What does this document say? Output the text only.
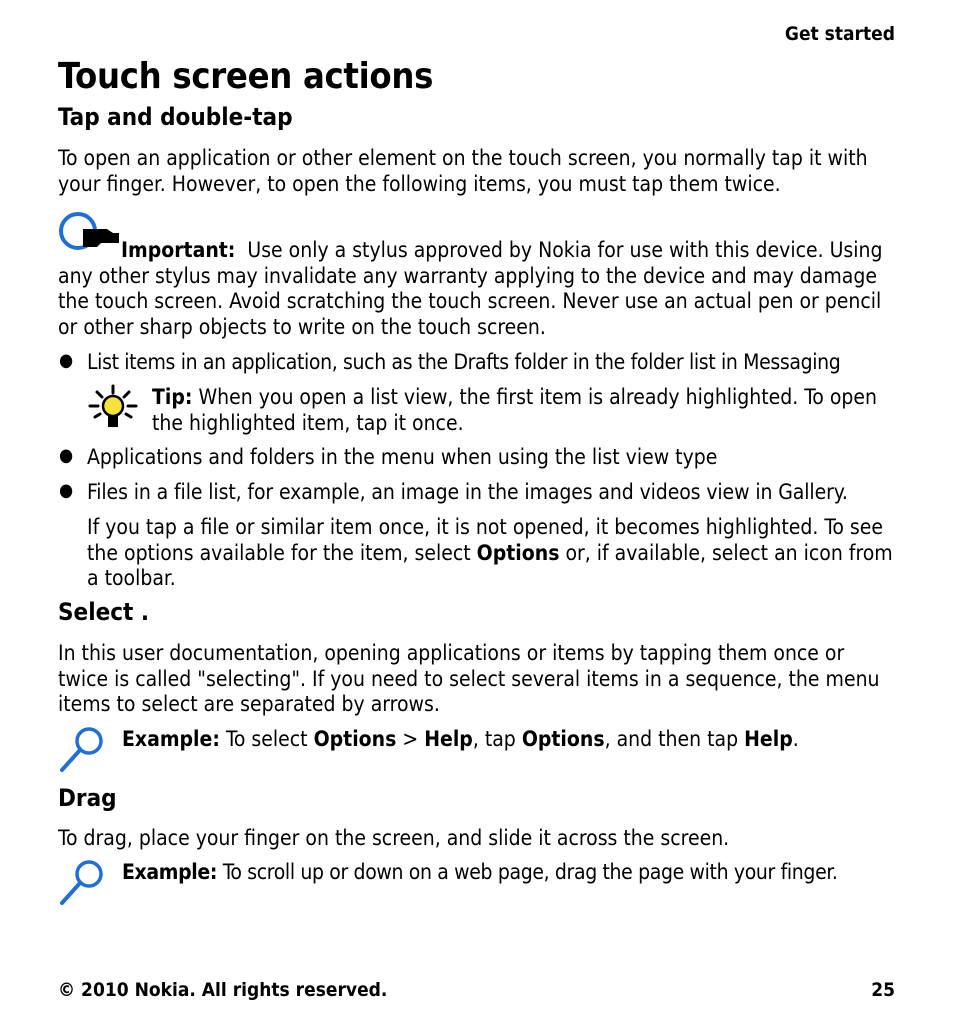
Get started
Touch screen actions
Tap and double-tap

To open an application or other element on the touch screen, you normally tap it with your finger. However, to open the following items, you must tap them twice.

Important: Use only a stylus approved by Nokia for use with this device. Using any other stylus may invalidate any warranty applying to the device and may damage the touch screen. Avoid scratching the touch screen. Never use an actual pen or pencil or other sharp objects to write on the touch screen.

● List items in an application, such as the Drafts folder in the folder list in Messaging

Tip: When you open a list view, the first item is already highlighted. To open the highlighted item, tap it once.

● Applications and folders in the menu when using the list view type

● Files in a file list, for example, an image in the images and videos view in Gallery.

If you tap a file or similar item once, it is not opened, it becomes highlighted. To see the options available for the item, select Options or, if available, select an icon from a toolbar.

Select .

In this user documentation, opening applications or items by tapping them once or twice is called "selecting". If you need to select several items in a sequence, the menu items to select are separated by arrows.

Example: To select Options > Help, tap Options, and then tap Help.

Drag

To drag, place your finger on the screen, and slide it across the screen.

Example: To scroll up or down on a web page, drag the page with your finger.

© 2010 Nokia. All rights reserved.	25
